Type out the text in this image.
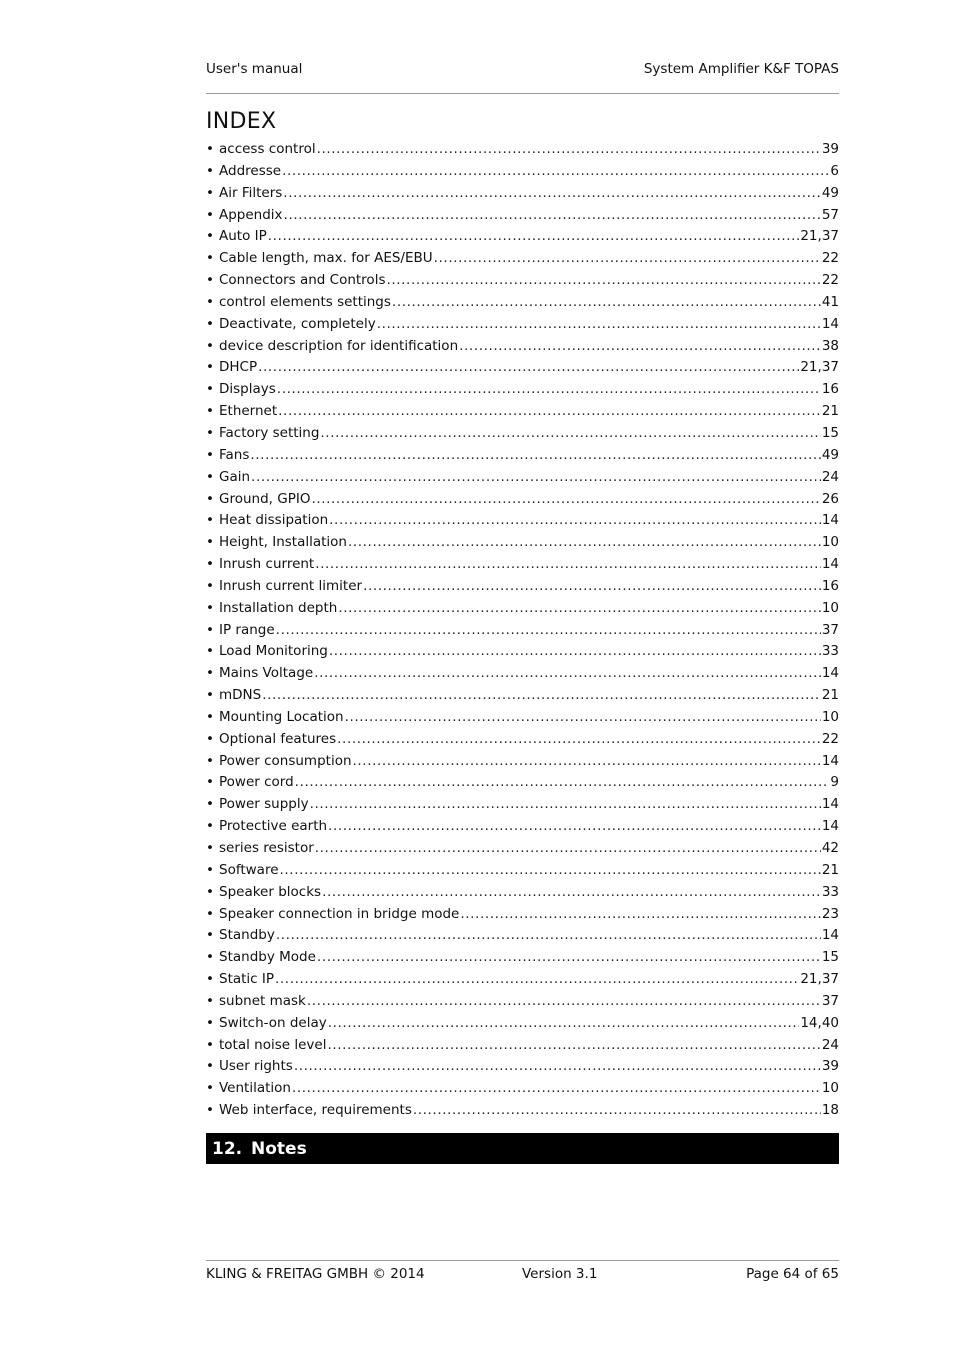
User's manual	System Amplifier K&F TOPAS
INDEX
• access control .....	39
• Addresse .....	6
• Air Filters .....	49
• Appendix .....	57
• Auto IP .....	21,37
• Cable length, max. for AES/EBU .....	22
• Connectors and Controls .....	22
• control elements settings .....	41
• Deactivate, completely .....	14
• device description for identification .....	38
• DHCP .....	21,37
• Displays .....	16
• Ethernet .....	21
• Factory setting .....	15
• Fans .....	49
• Gain .....	24
• Ground, GPIO .....	26
• Heat dissipation .....	14
• Height, Installation .....	10
• Inrush current .....	14
• Inrush current limiter .....	16
• Installation depth .....	10
• IP range .....	37
• Load Monitoring .....	33
• Mains Voltage .....	14
• mDNS .....	21
• Mounting Location .....	10
• Optional features .....	22
• Power consumption .....	14
• Power cord .....	9
• Power supply .....	14
• Protective earth .....	14
• series resistor .....	42
• Software .....	21
• Speaker blocks .....	33
• Speaker connection in bridge mode .....	23
• Standby .....	14
• Standby Mode .....	15
• Static IP .....	21,37
• subnet mask .....	37
• Switch-on delay .....	14,40
• total noise level .....	24
• User rights .....	39
• Ventilation .....	10
• Web interface, requirements .....	18
12. Notes
KLING & FREITAG GMBH © 2014	Version 3.1	Page 64 of 65
